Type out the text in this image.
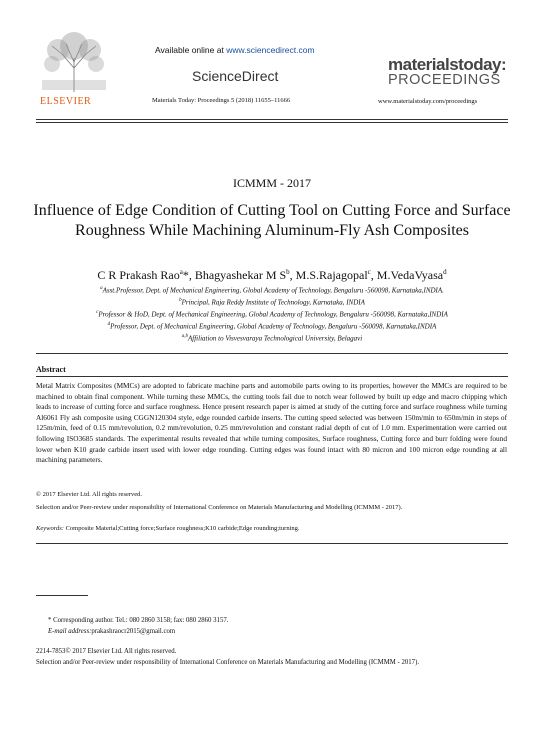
ELSEVIER
Available online at www.sciencedirect.com
ScienceDirect
Materials Today: Proceedings 5 (2018) 11655–11666
materialstoday:
PROCEEDINGS
www.materialstoday.com/proceedings
ICMMM - 2017
Influence of Edge Condition of Cutting Tool on Cutting Force and Surface Roughness While Machining Aluminum-Fly Ash Composites
C R Prakash Rao$^a$*, Bhagyashekar M $S^b$, M.S.Rajagopal$^c$, M.VedaVyasa$^d$
$^a$Asst.Professor, Dept. of Mechanical Engineering, Global Academy of Technology, Bengaluru -560098, Karnataka,INDIA.
$^b$Principal, Raja Reddy Institute of Technology, Karnataka, INDIA
$^c$Professor & HoD, Dept. of Mechanical Engineering, Global Academy of Technology, Bengaluru -560098, Karnataka,INDIA
$^d$Professor, Dept. of Mechanical Engineering, Global Academy of Technology, Bengaluru -560098, Karnataka,INDIA
$^{a,b}$Affiliation to Visvesvaraya Technological University, Belagavi
Abstract
Metal Matrix Composites (MMCs) are adopted to fabricate machine parts and automobile parts owing to its properties, however the MMCs are required to be machined to obtain final component. While turning these MMCs, the cutting tools fail due to notch wear followed by built up edge and macro chipping which leads to increase of cutting force and surface roughness. Hence present research paper is aimed at study of the cutting force and surface roughness while turning Al6061 Fly ash composite using CGGN120304 style, edge rounded carbide inserts. The cutting speed selected was between 150m/min to 650m/min in steps of 125m/min, feed of 0.15 mm/revolution, 0.2 mm/revolution, 0.25 mm/revolution and constant radial depth of cut of 1.0 mm. Experimentation were carried out following ISO3685 standards. The experimental results revealed that while turning composites, Surface roughness, Cutting force and burr folding were found lower when K10 grade carbide insert used with lower edge rounding. Cutting edges was found intact with 80 micron and 100 micron edge rounding at all machining parameters.
© 2017 Elsevier Ltd. All rights reserved.
Selection and/or Peer-review under responsibility of International Conference on Materials Manufacturing and Modelling (ICMMM - 2017).
Keywords: Composite Material;Cutting force;Surface roughness;K10 carbide;Edge rounding;turning.
* Corresponding author. Tel.: 080 2860 3158; fax: 080 2860 3157.
E-mail address:prakashraocr2015@gmail.com
2214-7853© 2017 Elsevier Ltd. All rights reserved.
Selection and/or Peer-review under responsibility of International Conference on Materials Manufacturing and Modelling (ICMMM - 2017).
